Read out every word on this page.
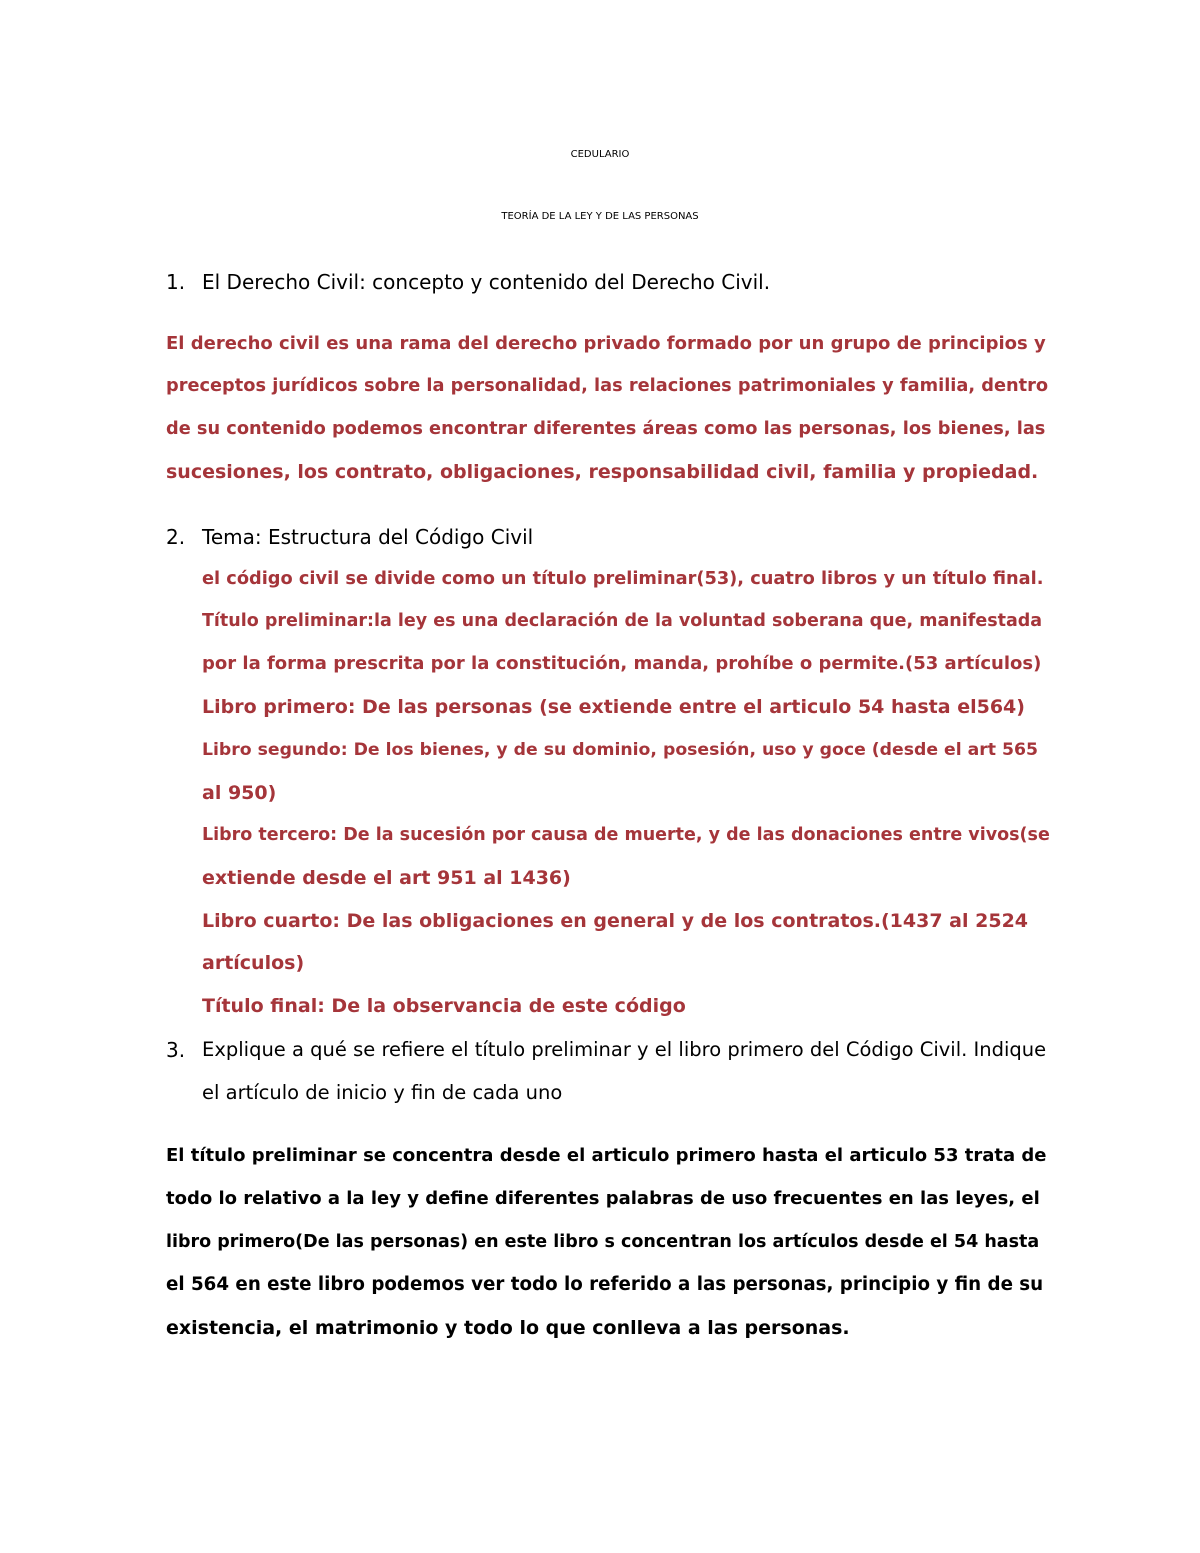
CEDULARIO
TEORÍA DE LA LEY Y DE LAS PERSONAS
1. El Derecho Civil: concepto y contenido del Derecho Civil.
El derecho civil es una rama del derecho privado formado por un grupo de principios y
preceptos jurídicos sobre la personalidad, las relaciones patrimoniales y familia, dentro
de su contenido podemos encontrar diferentes áreas como las personas, los bienes, las
sucesiones, los contrato, obligaciones, responsabilidad civil, familia y propiedad.
2. Tema: Estructura del Código Civil
el código civil se divide como un título preliminar(53), cuatro libros y un título final.
Título preliminar:la ley es una declaración de la voluntad soberana que, manifestada
por la forma prescrita por la constitución, manda, prohíbe o permite.(53 artículos)
Libro primero: De las personas (se extiende entre el articulo 54 hasta el564)
Libro segundo: De los bienes, y de su dominio, posesión, uso y goce (desde el art 565
al 950)
Libro tercero: De la sucesión por causa de muerte, y de las donaciones entre vivos(se
extiende desde el art 951 al 1436)
Libro cuarto: De las obligaciones en general y de los contratos.(1437 al 2524
artículos)
Título final: De la observancia de este código
3. Explique a qué se refiere el título preliminar y el libro primero del Código Civil. Indique
el artículo de inicio y fin de cada uno
El título preliminar se concentra desde el articulo primero hasta el articulo 53 trata de
todo lo relativo a la ley y define diferentes palabras de uso frecuentes en las leyes, el
libro primero(De las personas) en este libro s concentran los artículos desde el 54 hasta
el 564 en este libro podemos ver todo lo referido a las personas, principio y fin de su
existencia, el matrimonio y todo lo que conlleva a las personas.
